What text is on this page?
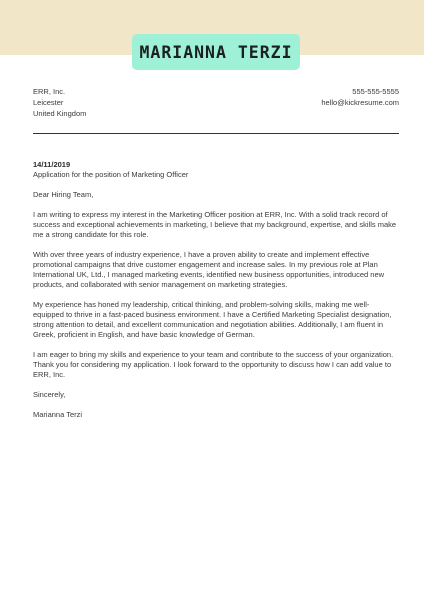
MARIANNA TERZI
ERR, Inc.
Leicester
United Kingdom
555-555-5555
hello@kickresume.com
14/11/2019

Application for the position of Marketing Officer

Dear Hiring Team,

I am writing to express my interest in the Marketing Officer position at ERR, Inc. With a solid track record of success and exceptional achievements in marketing, I believe that my background, expertise, and skills make me a strong candidate for this role.

With over three years of industry experience, I have a proven ability to create and implement effective promotional campaigns that drive customer engagement and increase sales. In my previous role at Plan International UK, Ltd., I managed marketing events, identified new business opportunities, introduced new products, and collaborated with senior management on marketing strategies.

My experience has honed my leadership, critical thinking, and problem-solving skills, making me well-equipped to thrive in a fast-paced business environment. I have a Certified Marketing Specialist designation, strong attention to detail, and excellent communication and negotiation abilities. Additionally, I am fluent in Greek, proficient in English, and have basic knowledge of German.

I am eager to bring my skills and experience to your team and contribute to the success of your organization. Thank you for considering my application. I look forward to the opportunity to discuss how I can add value to ERR, Inc.

Sincerely,

Marianna Terzi
